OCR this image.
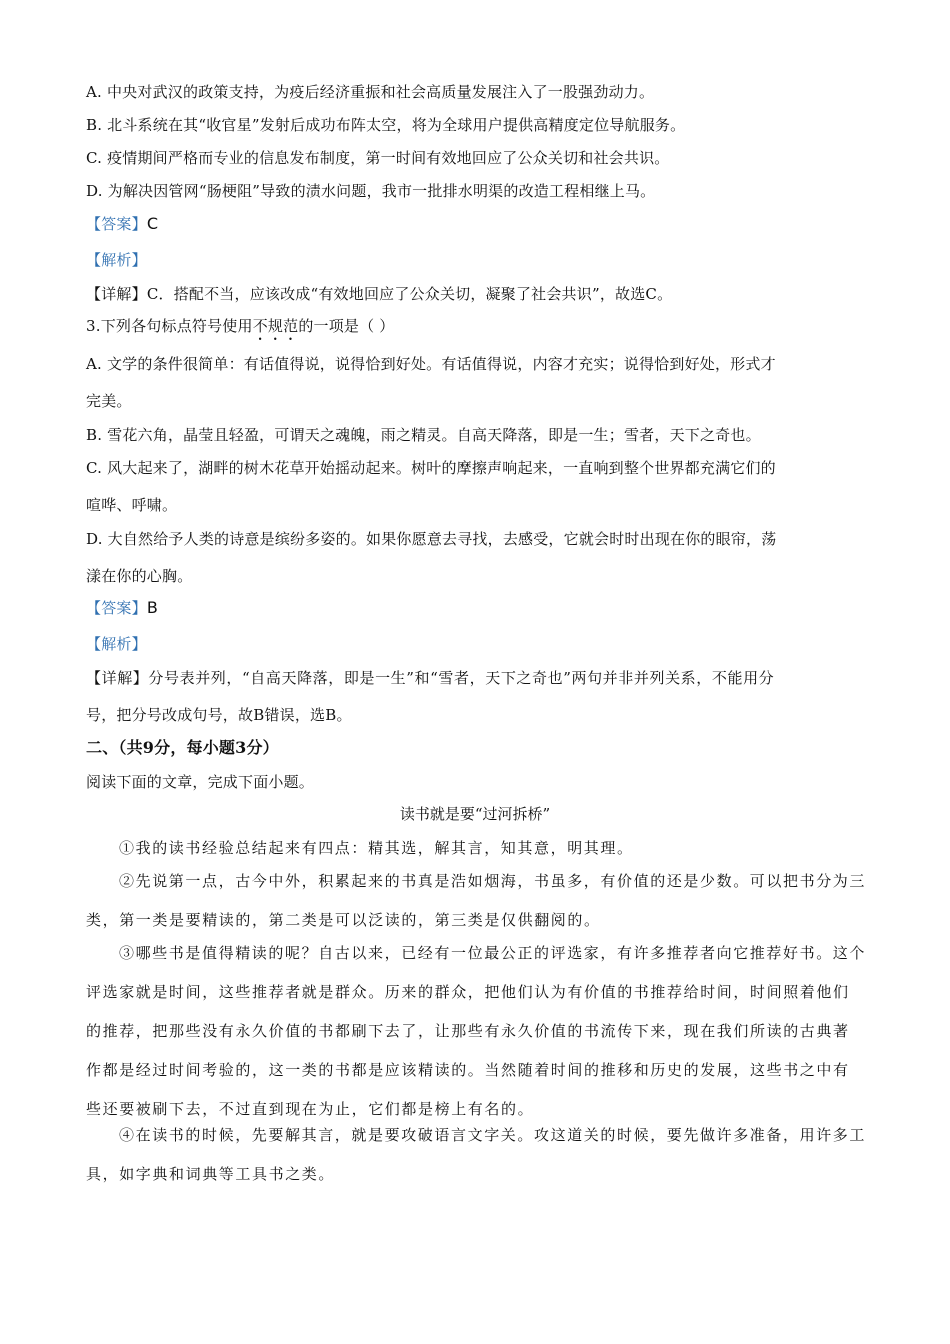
A. 中央对武汉的政策支持，为疫后经济重振和社会高质量发展注入了一股强劲动力。
B. 北斗系统在其“收官星”发射后成功布阵太空，将为全球用户提供高精度定位导航服务。
C. 疫情期间严格而专业的信息发布制度，第一时间有效地回应了公众关切和社会共识。
D. 为解决因管网“肠梗阻”导致的渍水问题，我市一批排水明渠的改造工程相继上马。
【答案】C
【解析】
【详解】C．搭配不当，应该改成“有效地回应了公众关切，凝聚了社会共识”，故选C。
3.下列各句标点符号使用不规范的一项是（ ）
A. 文学的条件很简单：有话值得说，说得恰到好处。有话值得说，内容才充实；说得恰到好处，形式才
完美。
B. 雪花六角，晶莹且轻盈，可谓天之魂魄，雨之精灵。自高天降落，即是一生；雪者，天下之奇也。
C. 风大起来了，湖畔的树木花草开始摇动起来。树叶的摩擦声响起来，一直响到整个世界都充满它们的
喧哗、呼啸。
D. 大自然给予人类的诗意是缤纷多姿的。如果你愿意去寻找，去感受，它就会时时出现在你的眼帘，荡
漾在你的心胸。
【答案】B
【解析】
【详解】分号表并列，“自高天降落，即是一生”和“雪者，天下之奇也”两句并非并列关系，不能用分
号，把分号改成句号，故B错误，选B。
二、（共9分，每小题3分）
阅读下面的文章，完成下面小题。
读书就是要“过河拆桥”
①我的读书经验总结起来有四点：精其选，解其言，知其意，明其理。
②先说第一点，古今中外，积累起来的书真是浩如烟海，书虽多，有价值的还是少数。可以把书分为三类，第一类是要精读的，第二类是可以泛读的，第三类是仅供翻阅的。
③哪些书是值得精读的呢？自古以来，已经有一位最公正的评选家，有许多推荐者向它推荐好书。这个评选家就是时间，这些推荐者就是群众。历来的群众，把他们认为有价值的书推荐给时间，时间照着他们的推荐，把那些没有永久价值的书都刷下去了，让那些有永久价值的书流传下来，现在我们所读的古典著作都是经过时间考验的，这一类的书都是应该精读的。当然随着时间的推移和历史的发展，这些书之中有些还要被刷下去，不过直到现在为止，它们都是榜上有名的。
④在读书的时候，先要解其言，就是要攻破语言文字关。攻这道关的时候，要先做许多准备，用许多工具，如字典和词典等工具书之类。
